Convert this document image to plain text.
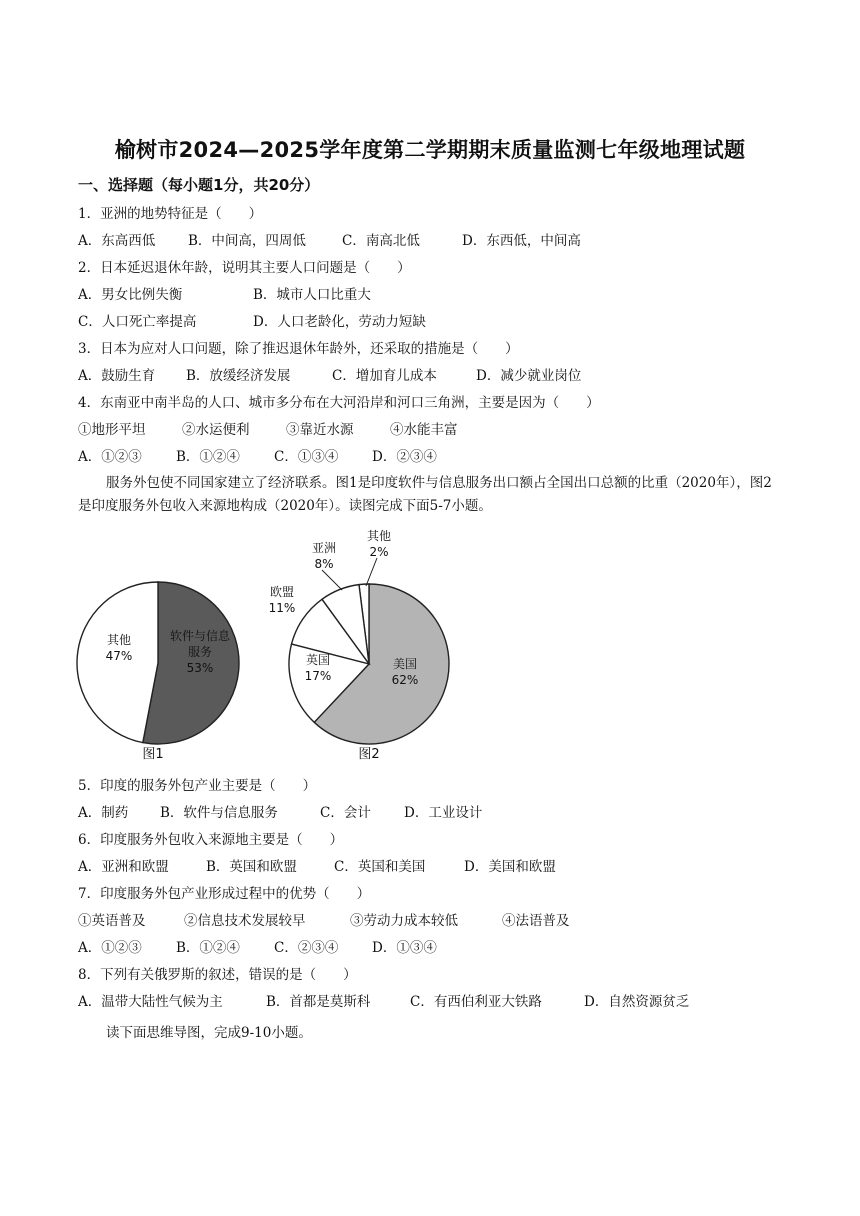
榆树市2024—2025学年度第二学期期末质量监测七年级地理试题
一、选择题（每小题1分，共20分）
1．亚洲的地势特征是（　　）
A．东高西低 B．中间高，四周低	C．南高北低	D．东西低，中间高
2．日本延迟退休年龄，说明其主要人口问题是（　　）
A．男女比例失衡	B．城市人口比重大
C．人口死亡率提高	D．人口老龄化，劳动力短缺
3．日本为应对人口问题，除了推迟退休年龄外，还采取的措施是（　　）
A．鼓励生育 B．放缓经济发展	C．增加育儿成本	D．减少就业岗位
4．东南亚中南半岛的人口、城市多分布在大河沿岸和河口三角洲，主要是因为（　　）
①地形平坦	②水运便利	③靠近水源	④水能丰富
A．①②③	B．①②④	C．①③④ D．②③④
服务外包使不同国家建立了经济联系。图1是印度软件与信息服务出口额占全国出口总额的比重（2020年），图2是印度服务外包收入来源地构成（2020年）。读图完成下面5-7小题。
软件与信息服务 53%
其他 47%
图1
美国 62%
英国 17%
欧盟 11%
亚洲 8%
其他 2%
图2
5．印度的服务外包产业主要是（　　）
A．制药 B．软件与信息服务	C．会计 D．工业设计
6．印度服务外包收入来源地主要是（　　）
A．亚洲和欧盟	B．英国和欧盟	C．英国和美国	D．美国和欧盟
7．印度服务外包产业形成过程中的优势（　　）
①英语普及	②信息技术发展较早	③劳动力成本较低	④法语普及
A．①②③	B．①②④	C．②③④ D．①③④
8．下列有关俄罗斯的叙述，错误的是（　　）
A．温带大陆性气候为主	B．首都是莫斯科	C．有西伯利亚大铁路	D．自然资源贫乏
读下面思维导图，完成9-10小题。
